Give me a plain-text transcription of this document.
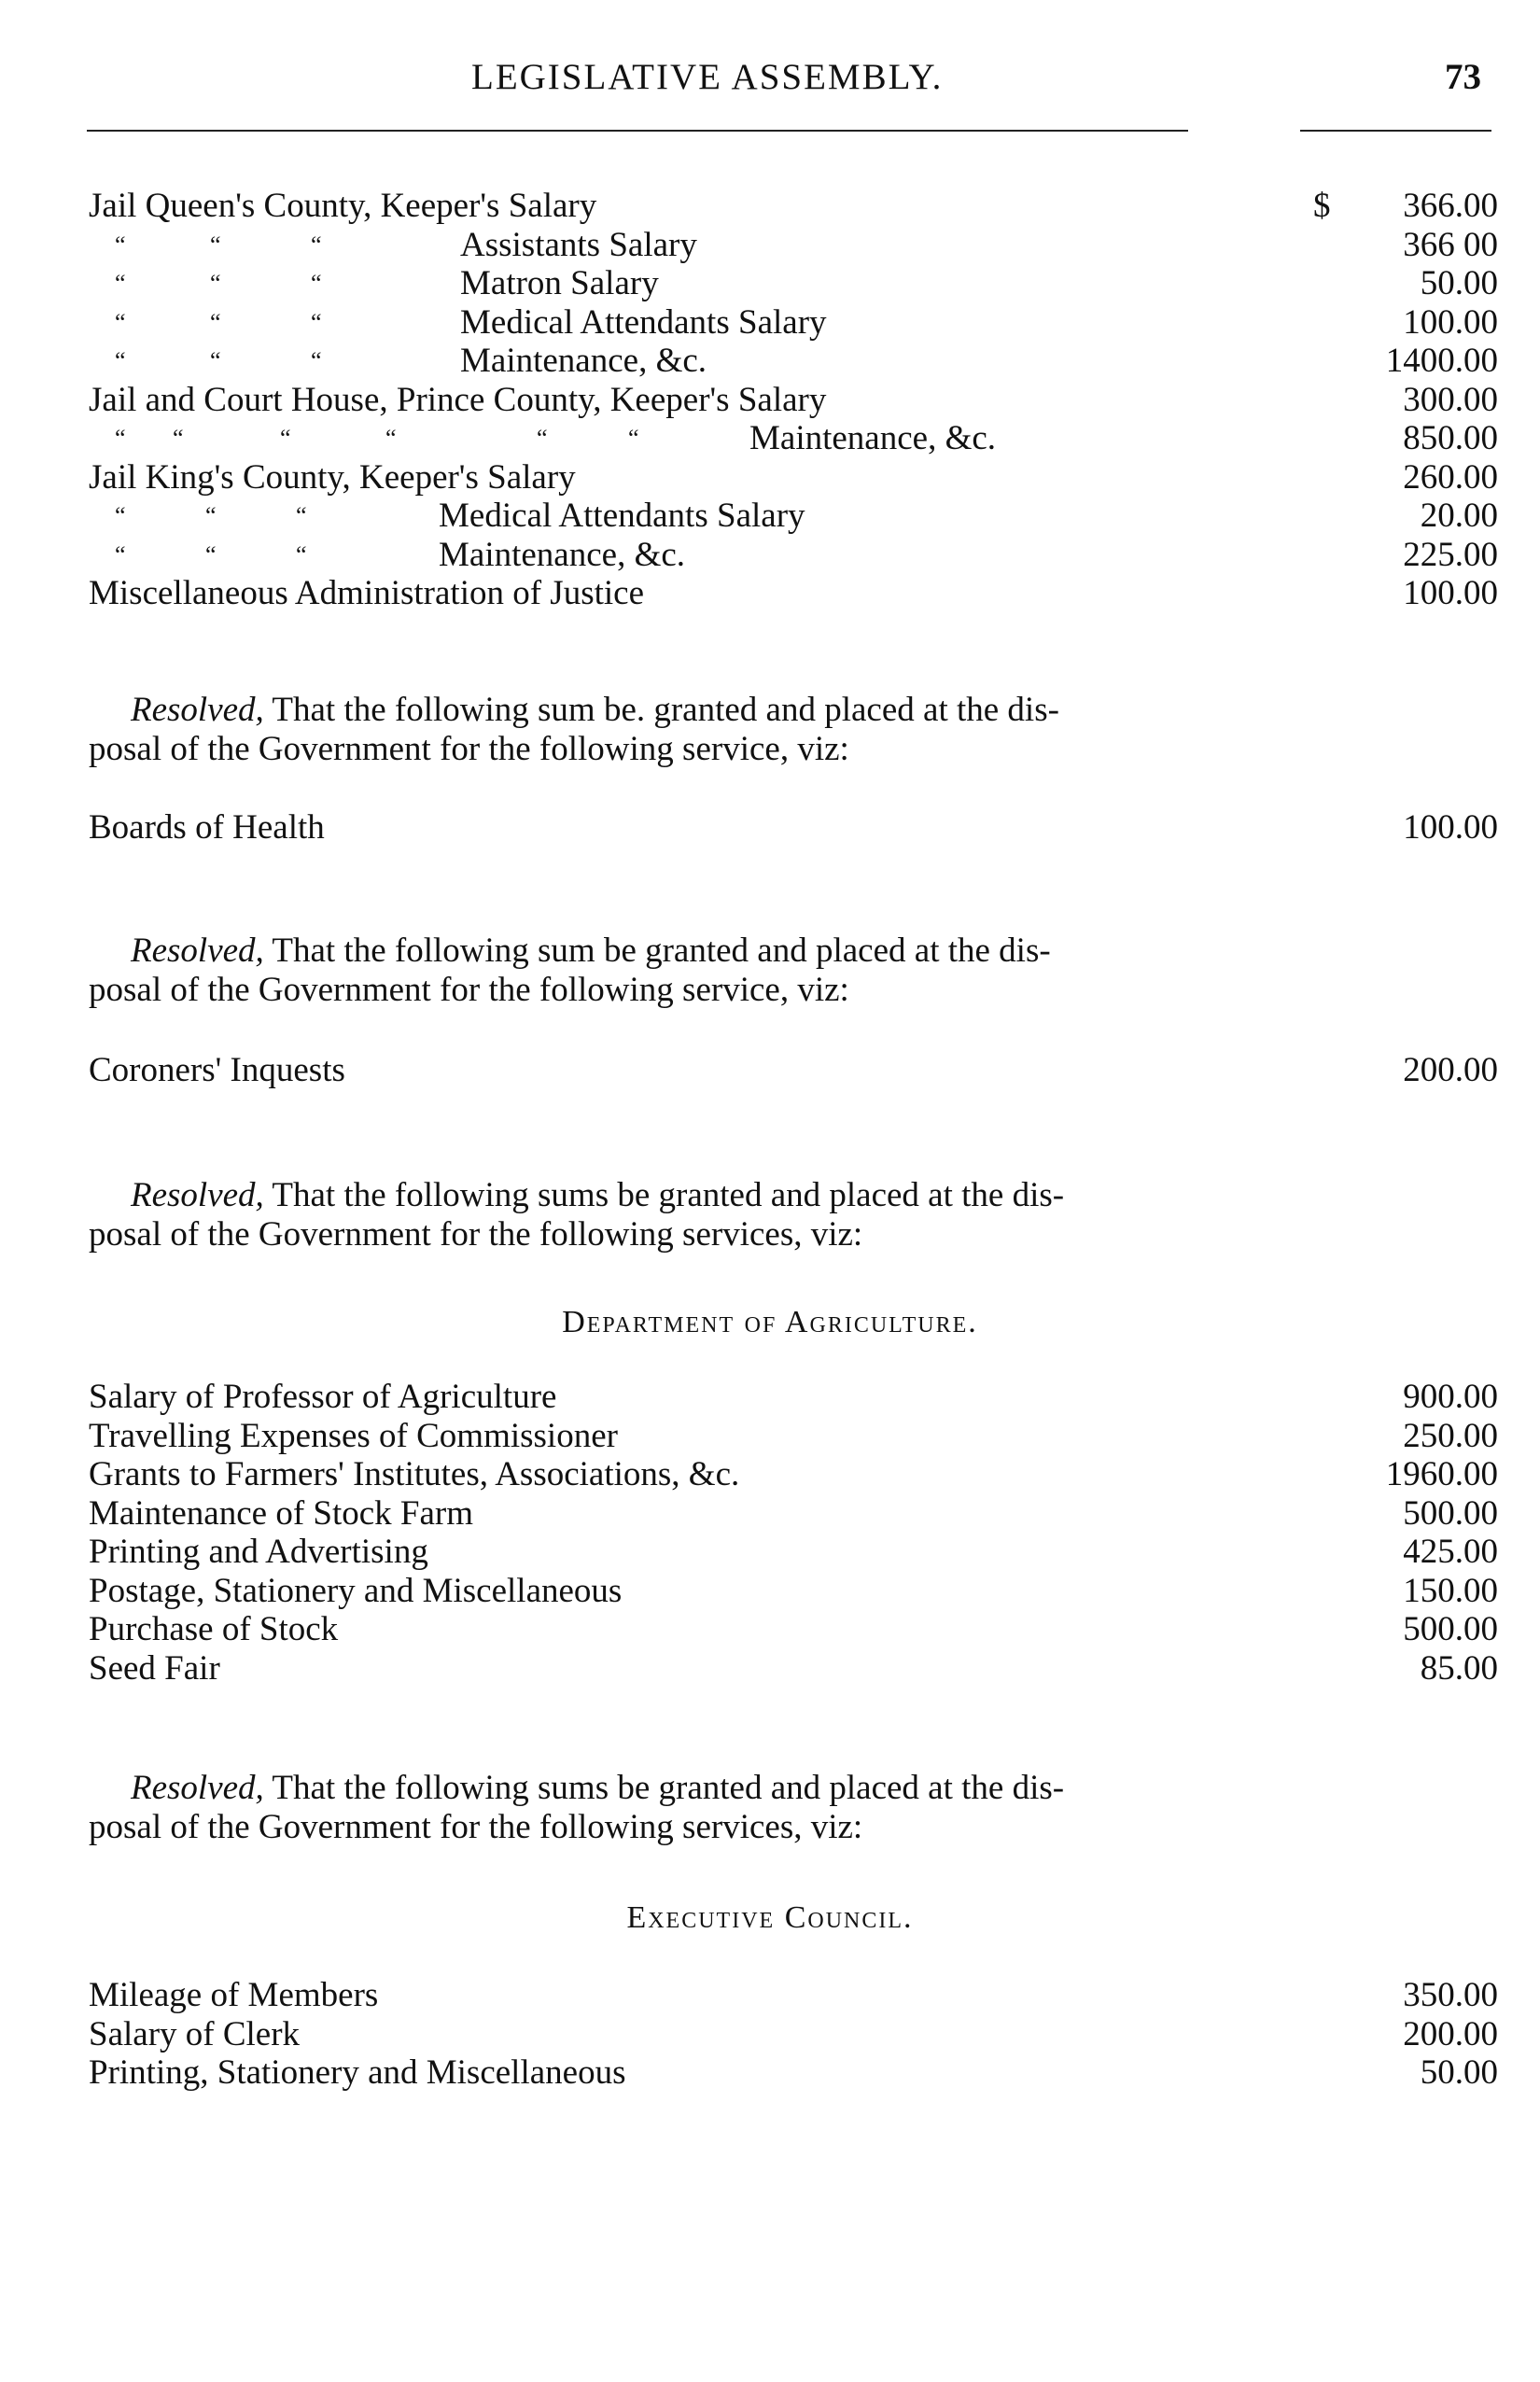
LEGISLATIVE ASSEMBLY.	73
Jail Queen's County, Keeper's Salary	$ 366.00
“	“	“	Assistants Salary	366 00
“	“	“	Matron Salary	50.00
“	“	“	Medical Attendants Salary	100.00
“	“	“	Maintenance, &c.	1400.00
Jail and Court House, Prince County, Keeper's Salary	300.00
“ “	“	“	“	“	Maintenance, &c.	850.00
Jail King's County, Keeper's Salary	260.00
“	“	“	Medical Attendants Salary	20.00
“	“	“	Maintenance, &c.	225.00
Miscellaneous Administration of Justice	100.00
Resolved, That the following sum be. granted and placed at the dis-
posal of the Government for the following service, viz:
Boards of Health	100.00
Resolved, That the following sum be granted and placed at the dis-
posal of the Government for the following service, viz:
Coroners' Inquests	200.00
Resolved, That the following sums be granted and placed at the dis-
posal of the Government for the following services, viz:
Department of Agriculture.
Salary of Professor of Agriculture	900.00
Travelling Expenses of Commissioner	250.00
Grants to Farmers' Institutes, Associations, &c.	1960.00
Maintenance of Stock Farm	500.00
Printing and Advertising	425.00
Postage, Stationery and Miscellaneous	150.00
Purchase of Stock	500.00
Seed Fair	85.00
Resolved, That the following sums be granted and placed at the dis-
posal of the Government for the following services, viz:
Executive Council.
Mileage of Members	350.00
Salary of Clerk	200.00
Printing, Stationery and Miscellaneous	50.00
